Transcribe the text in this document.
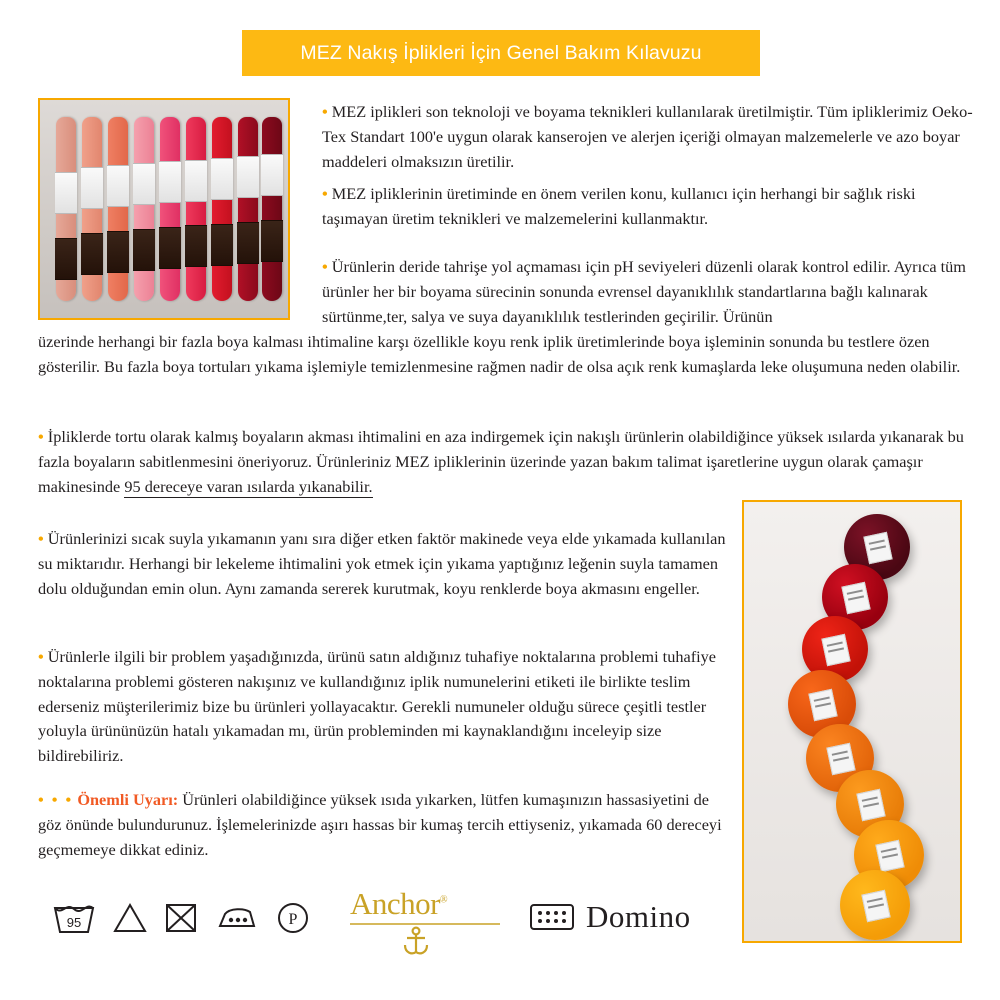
MEZ Nakış İplikleri İçin Genel Bakım Kılavuzu
• MEZ iplikleri son teknoloji ve boyama teknikleri kullanılarak üretilmiştir. Tüm ipliklerimiz Oeko-Tex Standart 100'e uygun olarak kanserojen ve alerjen içeriği olmayan malzemelerle ve azo boyar maddeleri olmaksızın üretilir.
• MEZ ipliklerinin üretiminde en önem verilen konu, kullanıcı için herhangi bir sağlık riski taşımayan üretim teknikleri ve malzemelerini kullanmaktır.
• Ürünlerin deride tahrişe yol açmaması için pH seviyeleri düzenli olarak kontrol edilir. Ayrıca tüm ürünler her bir boyama sürecinin sonunda evrensel dayanıklılık standartlarına bağlı kalınarak sürtünme,ter, salya ve suya dayanıklılık testlerinden geçirilir. Ürünün
üzerinde herhangi bir fazla boya kalması ihtimaline karşı özellikle koyu renk iplik üretimlerinde boya işleminin sonunda bu testlere özen gösterilir. Bu fazla boya tortuları yıkama işlemiyle temizlenmesine rağmen nadir de olsa açık renk kumaşlarda leke oluşumuna neden olabilir.
• İpliklerde tortu olarak kalmış boyaların akması ihtimalini en aza indirgemek için nakışlı ürünlerin olabildiğince yüksek ısılarda yıkanarak bu fazla boyaların sabitlenmesini öneriyoruz. Ürünleriniz MEZ ipliklerinin üzerinde yazan bakım talimat işaretlerine uygun olarak çamaşır makinesinde 95 dereceye varan ısılarda yıkanabilir.
• Ürünlerinizi sıcak suyla yıkamanın yanı sıra diğer etken faktör makinede veya elde yıkamada kullanılan su miktarıdır. Herhangi bir lekeleme ihtimalini yok etmek için yıkama yaptığınız leğenin suyla tamamen dolu olduğundan emin olun. Aynı zamanda sererek kurutmak, koyu renklerde boya akmasını engeller.
• Ürünlerle ilgili bir problem yaşadığınızda, ürünü satın aldığınız tuhafiye noktalarına problemi tuhafiye noktalarına problemi gösteren nakışınız ve kullandığınız iplik numunelerini etiketi ile birlikte teslim ederseniz müşterilerimiz bize bu ürünleri yollayacaktır. Gerekli numuneler olduğu sürece çeşitli testler yoluyla ürününüzün hatalı yıkamadan mı, ürün probleminden mi kaynaklandığını inceleyip size bildirebiliriz.
• • • Önemli Uyarı: Ürünleri olabildiğince yüksek ısıda yıkarken, lütfen kumaşınızın hassasiyetini de göz önünde bulundurunuz. İşlemelerinizde aşırı hassas bir kumaş tercih ettiyseniz, yıkamada 60 dereceyi geçmemeye dikkat ediniz.
95	P Anchor®	Domino
